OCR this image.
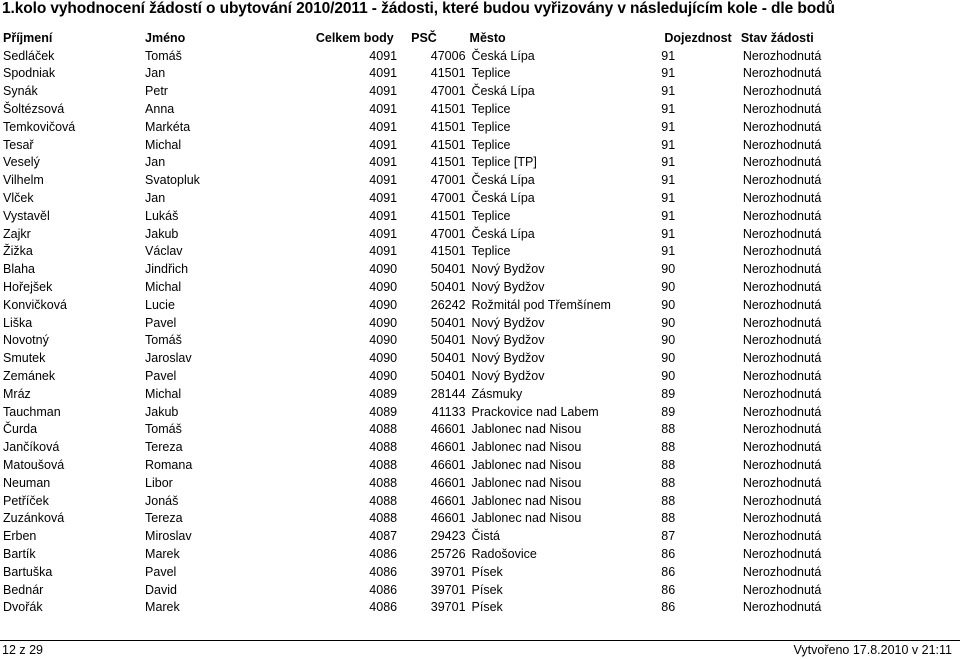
1.kolo vyhodnocení žádostí o ubytování 2010/2011 - žádosti, které budou vyřizovány v následujícím kole - dle bodů
Příjmení	Jméno	Celkem body	PSČ	Město	Dojezdnost	Stav žádosti
Sedláček	Tomáš	4091	47006	Česká Lípa	91	Nerozhodnutá
Spodniak	Jan	4091	41501	Teplice	91	Nerozhodnutá
Synák	Petr	4091	47001	Česká Lípa	91	Nerozhodnutá
Šoltézsová	Anna	4091	41501	Teplice	91	Nerozhodnutá
Temkovičová	Markéta	4091	41501	Teplice	91	Nerozhodnutá
Tesař	Michal	4091	41501	Teplice	91	Nerozhodnutá
Veselý	Jan	4091	41501	Teplice [TP]	91	Nerozhodnutá
Vilhelm	Svatopluk	4091	47001	Česká Lípa	91	Nerozhodnutá
Vlček	Jan	4091	47001	Česká Lípa	91	Nerozhodnutá
Vystavěl	Lukáš	4091	41501	Teplice	91	Nerozhodnutá
Zajkr	Jakub	4091	47001	Česká Lípa	91	Nerozhodnutá
Žižka	Václav	4091	41501	Teplice	91	Nerozhodnutá
Blaha	Jindřich	4090	50401	Nový Bydžov	90	Nerozhodnutá
Hořejšek	Michal	4090	50401	Nový Bydžov	90	Nerozhodnutá
Konvičková	Lucie	4090	26242	Rožmitál pod Třemšínem	90	Nerozhodnutá
Liška	Pavel	4090	50401	Nový Bydžov	90	Nerozhodnutá
Novotný	Tomáš	4090	50401	Nový Bydžov	90	Nerozhodnutá
Smutek	Jaroslav	4090	50401	Nový Bydžov	90	Nerozhodnutá
Zemánek	Pavel	4090	50401	Nový Bydžov	90	Nerozhodnutá
Mráz	Michal	4089	28144	Zásmuky	89	Nerozhodnutá
Tauchman	Jakub	4089	41133	Prackovice nad Labem	89	Nerozhodnutá
Čurda	Tomáš	4088	46601	Jablonec nad Nisou	88	Nerozhodnutá
Jančíková	Tereza	4088	46601	Jablonec nad Nisou	88	Nerozhodnutá
Matoušová	Romana	4088	46601	Jablonec nad Nisou	88	Nerozhodnutá
Neuman	Libor	4088	46601	Jablonec nad Nisou	88	Nerozhodnutá
Petříček	Jonáš	4088	46601	Jablonec nad Nisou	88	Nerozhodnutá
Zuzánková	Tereza	4088	46601	Jablonec nad Nisou	88	Nerozhodnutá
Erben	Miroslav	4087	29423	Čistá	87	Nerozhodnutá
Bartík	Marek	4086	25726	Radošovice	86	Nerozhodnutá
Bartuška	Pavel	4086	39701	Písek	86	Nerozhodnutá
Bednár	David	4086	39701	Písek	86	Nerozhodnutá
Dvořák	Marek	4086	39701	Písek	86	Nerozhodnutá
12 z 29	Vytvořeno 17.8.2010 v 21:11
